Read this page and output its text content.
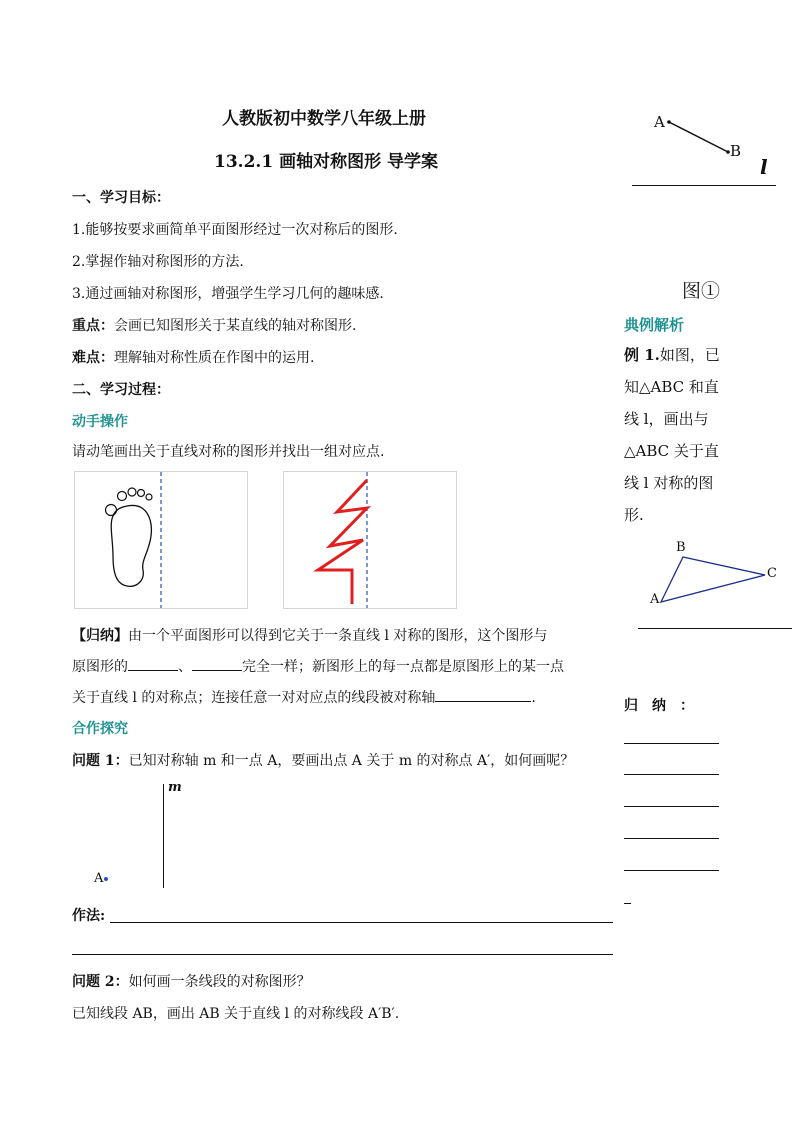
人教版初中数学八年级上册
13.2.1 画轴对称图形 导学案
一、学习目标：
1.能够按要求画简单平面图形经过一次对称后的图形.
2.掌握作轴对称图形的方法.
3.通过画轴对称图形，增强学生学习几何的趣味感.
重点：会画已知图形关于某直线的轴对称图形.
难点：理解轴对称性质在作图中的运用.
二、学习过程：
动手操作
请动笔画出关于直线对称的图形并找出一组对应点.
【归纳】由一个平面图形可以得到它关于一条直线 l 对称的图形，这个图形与
原图形的	、	完全一样；新图形上的每一点都是原图形上的某一点
关于直线 l 的对称点；连接任意一对对应点的线段被对称轴	.
合作探究
问题 1：已知对称轴 m 和一点 A，要画出点 A 关于 m 的对称点 A′，如何画呢？
m
A
作法:
问题 2：如何画一条线段的对称图形？
已知线段 AB，画出 AB 关于直线 l 的对称线段 A′B′.
A
B
l
图①
典例解析
例 1.如图，已
知△ABC 和直
线 l，画出与
△ABC 关于直
线 l 对称的图
形.
B
A
C
归　纳　：
